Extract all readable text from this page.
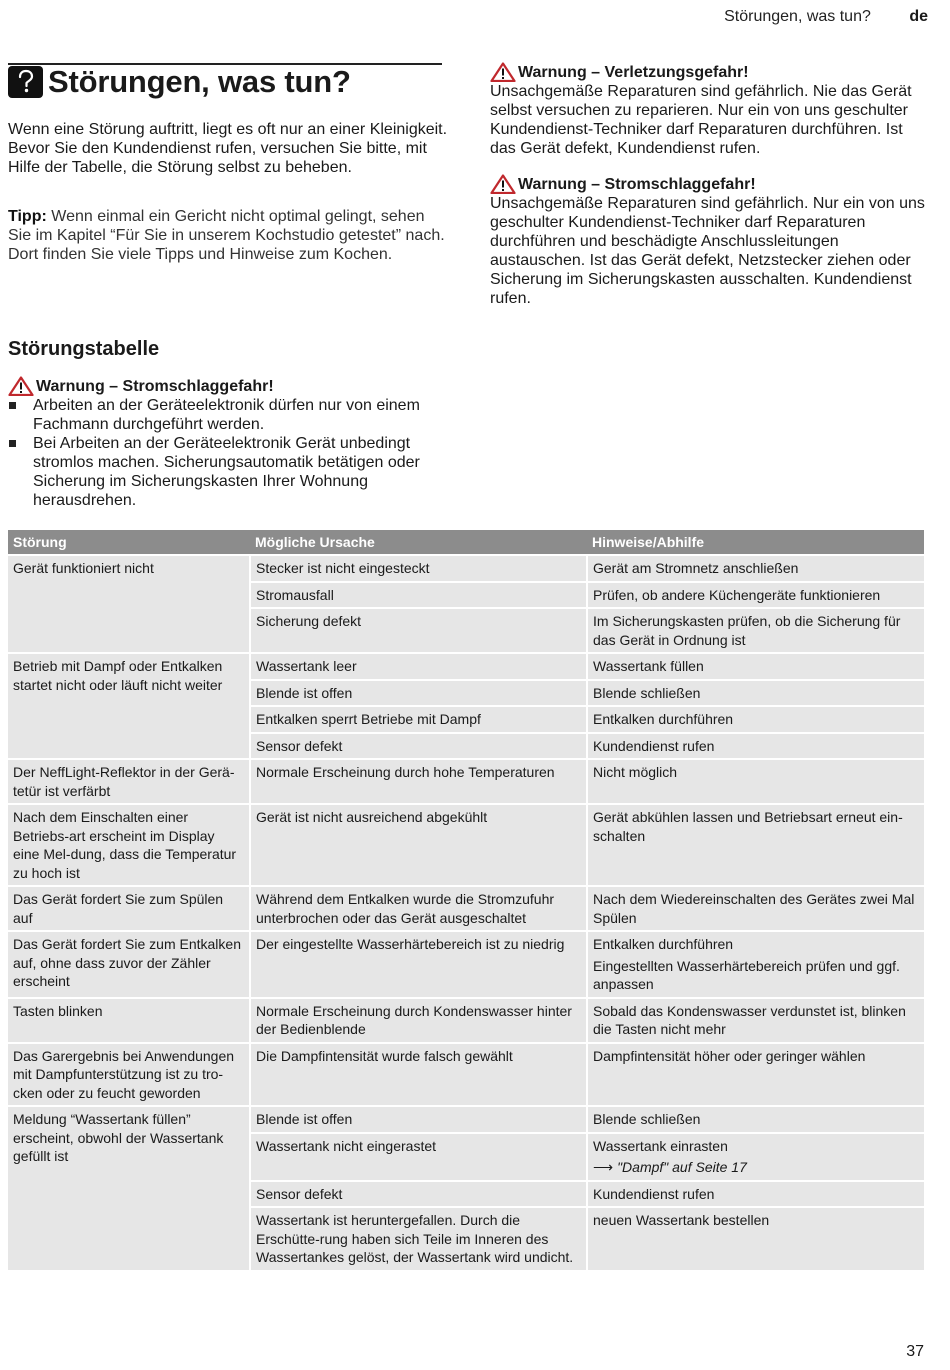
Störungen, was tun? de
Störungen, was tun?

Wenn eine Störung auftritt, liegt es oft nur an einer Kleinigkeit. Bevor Sie den Kundendienst rufen, versuchen Sie bitte, mit Hilfe der Tabelle, die Störung selbst zu beheben.

Tipp: Wenn einmal ein Gericht nicht optimal gelingt, sehen Sie im Kapitel “Für Sie in unserem Kochstudio getestet” nach. Dort finden Sie viele Tipps und Hinweise zum Kochen.

Warnung – Verletzungsgefahr!

Unsachgemäße Reparaturen sind gefährlich. Nie das Gerät selbst versuchen zu reparieren. Nur ein von uns geschulter Kundendienst-Techniker darf Reparaturen durchführen. Ist das Gerät defekt, Kundendienst rufen.

Warnung – Stromschlaggefahr!

Unsachgemäße Reparaturen sind gefährlich. Nur ein von uns geschulter Kundendienst-Techniker darf Reparaturen durchführen und beschädigte Anschlussleitungen austauschen. Ist das Gerät defekt, Netzstecker ziehen oder Sicherung im Sicherungskasten ausschalten. Kundendienst rufen.

Störungstabelle
Warnung – Stromschlaggefahr!
Arbeiten an der Geräteelektronik dürfen nur von einem Fachmann durchgeführt werden.
Bei Arbeiten an der Geräteelektronik Gerät unbedingt stromlos machen. Sicherungsautomatik betätigen oder Sicherung im Sicherungskasten Ihrer Wohnung herausdrehen.
Störung	Mögliche Ursache	Hinweise/Abhilfe
Gerät funktioniert nicht	Stecker ist nicht eingesteckt	Gerät am Stromnetz anschließen

	Stromausfall	Prüfen, ob andere Küchengeräte funktionieren

	Sicherung defekt	Im Sicherungskasten prüfen, ob die Sicherung für das Gerät in Ordnung ist

Betrieb mit Dampf oder Entkalken startet nicht oder läuft nicht weiter	Wassertank leer	Wassertank füllen

	Blende ist offen	Blende schließen

	Entkalken sperrt Betriebe mit Dampf	Entkalken durchführen

	Sensor defekt	Kundendienst rufen

Der NeffLight-Reflektor in der Gerä-tetür ist verfärbt	Normale Erscheinung durch hohe Temperaturen	Nicht möglich

Nach dem Einschalten einer Betriebs-art erscheint im Display eine Mel-dung, dass die Temperatur zu hoch ist	Gerät ist nicht ausreichend abgekühlt	Gerät abkühlen lassen und Betriebsart erneut ein-schalten

Das Gerät fordert Sie zum Spülen auf	Während dem Entkalken wurde die Stromzufuhr unterbrochen oder das Gerät ausgeschaltet	Nach dem Wiedereinschalten des Gerätes zwei Mal Spülen

Das Gerät fordert Sie zum Entkalken auf, ohne dass zuvor der Zähler erscheint	Der eingestellte Wasserhärtebereich ist zu niedrig	Entkalken durchführen
Eingestellten Wasserhärtebereich prüfen und ggf. anpassen

Tasten blinken	Normale Erscheinung durch Kondenswasser hinter der Bedienblende	Sobald das Kondenswasser verdunstet ist, blinken die Tasten nicht mehr

Das Garergebnis bei Anwendungen mit Dampfunterstützung ist zu tro-cken oder zu feucht geworden	Die Dampfintensität wurde falsch gewählt	Dampfintensität höher oder geringer wählen

Meldung “Wassertank füllen” erscheint, obwohl der Wassertank gefüllt ist	Blende ist offen	Blende schließen

	Wassertank nicht eingerastet	Wassertank einrasten
⟶ "Dampf" auf Seite 17

	Sensor defekt	Kundendienst rufen

	Wassertank ist heruntergefallen. Durch die Erschütte-rung haben sich Teile im Inneren des Wassertankes gelöst, der Wassertank wird undicht.	neuen Wassertank bestellen
37
